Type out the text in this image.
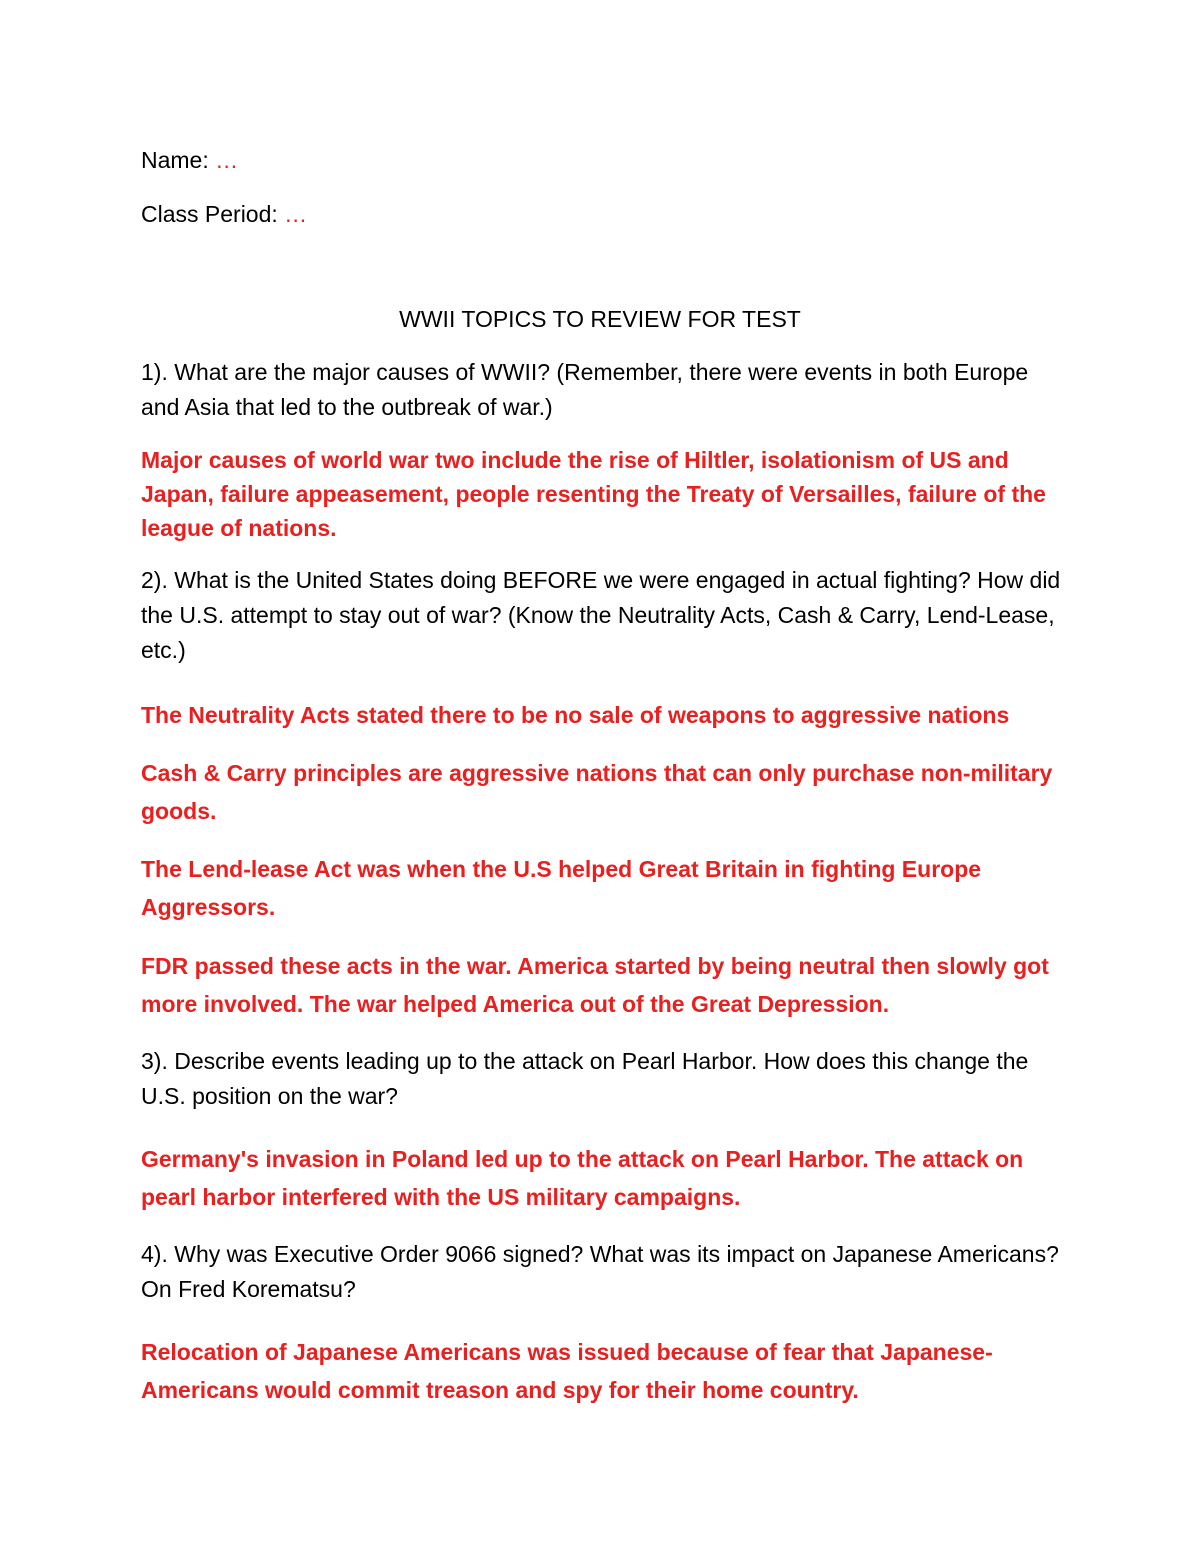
Name: …
Class Period: …
WWII TOPICS TO REVIEW FOR TEST

1). What are the major causes of WWII? (Remember, there were events in both Europe and Asia that led to the outbreak of war.)

Major causes of world war two include the rise of Hiltler, isolationism of US and Japan, failure appeasement, people resenting the Treaty of Versailles, failure of the league of nations.

2). What is the United States doing BEFORE we were engaged in actual fighting? How did the U.S. attempt to stay out of war? (Know the Neutrality Acts, Cash & Carry, Lend-Lease, etc.)

The Neutrality Acts stated there to be no sale of weapons to aggressive nations

Cash & Carry principles are aggressive nations that can only purchase non-military goods.

The Lend-lease Act was when the U.S helped Great Britain in fighting Europe Aggressors.

FDR passed these acts in the war. America started by being neutral then slowly got more involved. The war helped America out of the Great Depression.

3). Describe events leading up to the attack on Pearl Harbor. How does this change the U.S. position on the war?

Germany's invasion in Poland led up to the attack on Pearl Harbor. The attack on pearl harbor interfered with the US military campaigns.

4). Why was Executive Order 9066 signed? What was its impact on Japanese Americans? On Fred Korematsu?

Relocation of Japanese Americans was issued because of fear that Japanese-Americans would commit treason and spy for their home country.
